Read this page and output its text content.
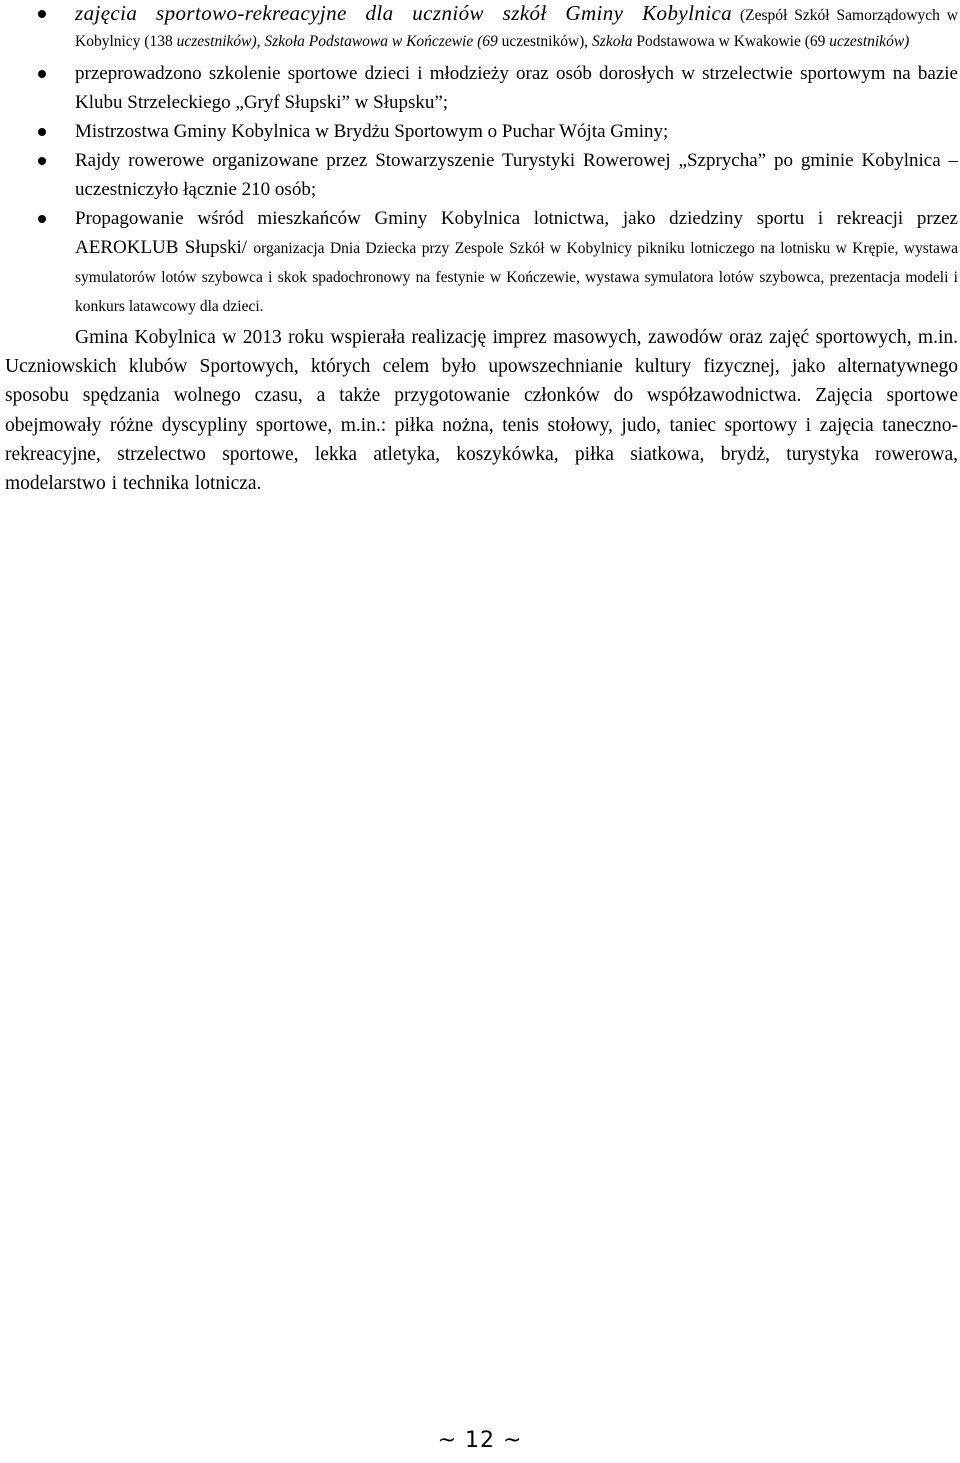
zajęcia sportowo-rekreacyjne dla uczniów szkół Gminy Kobylnica (Zespół Szkół Samorządowych w Kobylnicy (138 uczestników), Szkoła Podstawowa w Kończewie (69 uczestników), Szkoła Podstawowa w Kwakowie (69 uczestników)
przeprowadzono szkolenie sportowe dzieci i młodzieży oraz osób dorosłych w strzelectwie sportowym na bazie Klubu Strzeleckiego „Gryf Słupski” w Słupsku”;
Mistrzostwa Gminy Kobylnica w Brydżu Sportowym o Puchar Wójta Gminy;
Rajdy rowerowe organizowane przez Stowarzyszenie Turystyki Rowerowej „Szprycha” po gminie Kobylnica – uczestniczyło łącznie 210 osób;
Propagowanie wśród mieszkańców Gminy Kobylnica lotnictwa, jako dziedziny sportu i rekreacji przez AEROKLUB Słupski/ organizacja Dnia Dziecka przy Zespole Szkół w Kobylnicy pikniku lotniczego na lotnisku w Krępie, wystawa symulatorów lotów szybowca i skok spadochronowy na festynie w Kończewie, wystawa symulatora lotów szybowca, prezentacja modeli i konkurs latawcowy dla dzieci.

Gmina Kobylnica w 2013 roku wspierała realizację imprez masowych, zawodów oraz zajęć sportowych, m.in. Uczniowskich klubów Sportowych, których celem było upowszechnianie kultury fizycznej, jako alternatywnego sposobu spędzania wolnego czasu, a także przygotowanie członków do współzawodnictwa. Zajęcia sportowe obejmowały różne dyscypliny sportowe, m.in.: piłka nożna, tenis stołowy, judo, taniec sportowy i zajęcia taneczno-rekreacyjne, strzelectwo sportowe, lekka atletyka, koszykówka, piłka siatkowa, brydż, turystyka rowerowa, modelarstwo i technika lotnicza.

~ 12 ~
